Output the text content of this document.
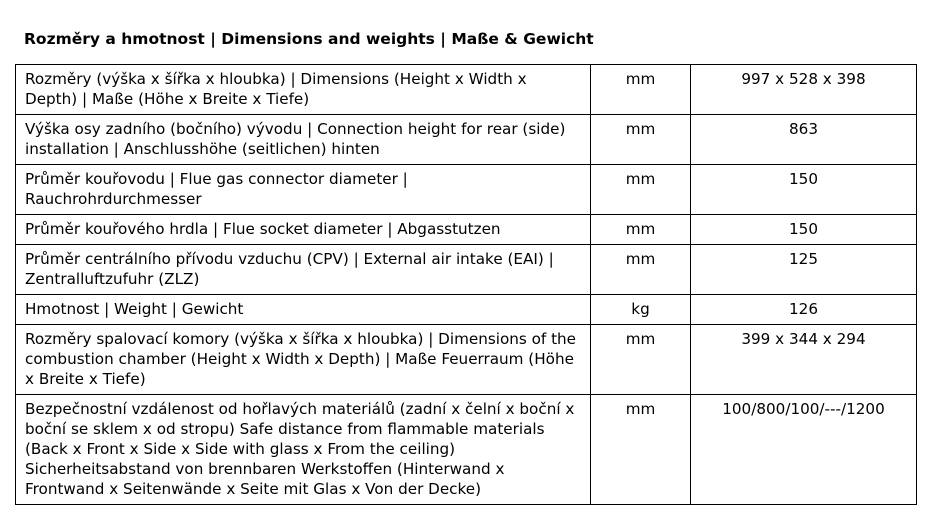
Rozměry a hmotnost | Dimensions and weights | Maße & Gewicht
Rozměry (výška x šířka x hloubka) | Dimensions (Height x Width x Depth) | Maße (Höhe x Breite x Tiefe)	mm	997 x 528 x 398
Výška osy zadního (bočního) vývodu | Connection height for rear (side) installation | Anschlusshöhe (seitlichen) hinten	mm	863
Průměr kouřovodu | Flue gas connector diameter | Rauchrohrdurchmesser	mm	150
Průměr kouřového hrdla | Flue socket diameter | Abgasstutzen	mm	150
Průměr centrálního přívodu vzduchu (CPV) | External air intake (EAI) | Zentralluftzufuhr (ZLZ)	mm	125
Hmotnost | Weight | Gewicht	kg	126
Rozměry spalovací komory (výška x šířka x hloubka) | Dimensions of the combustion chamber (Height x Width x Depth) | Maße Feuerraum (Höhe x Breite x Tiefe)	mm	399 x 344 x 294
Bezpečnostní vzdálenost od hořlavých materiálů (zadní x čelní x boční x boční se sklem x od stropu) Safe distance from flammable materials (Back x Front x Side x Side with glass x From the ceiling) Sicherheitsabstand von brennbaren Werkstoffen (Hinterwand x Frontwand x Seitenwände x Seite mit Glas x Von der Decke)	mm	100/800/100/---/1200
